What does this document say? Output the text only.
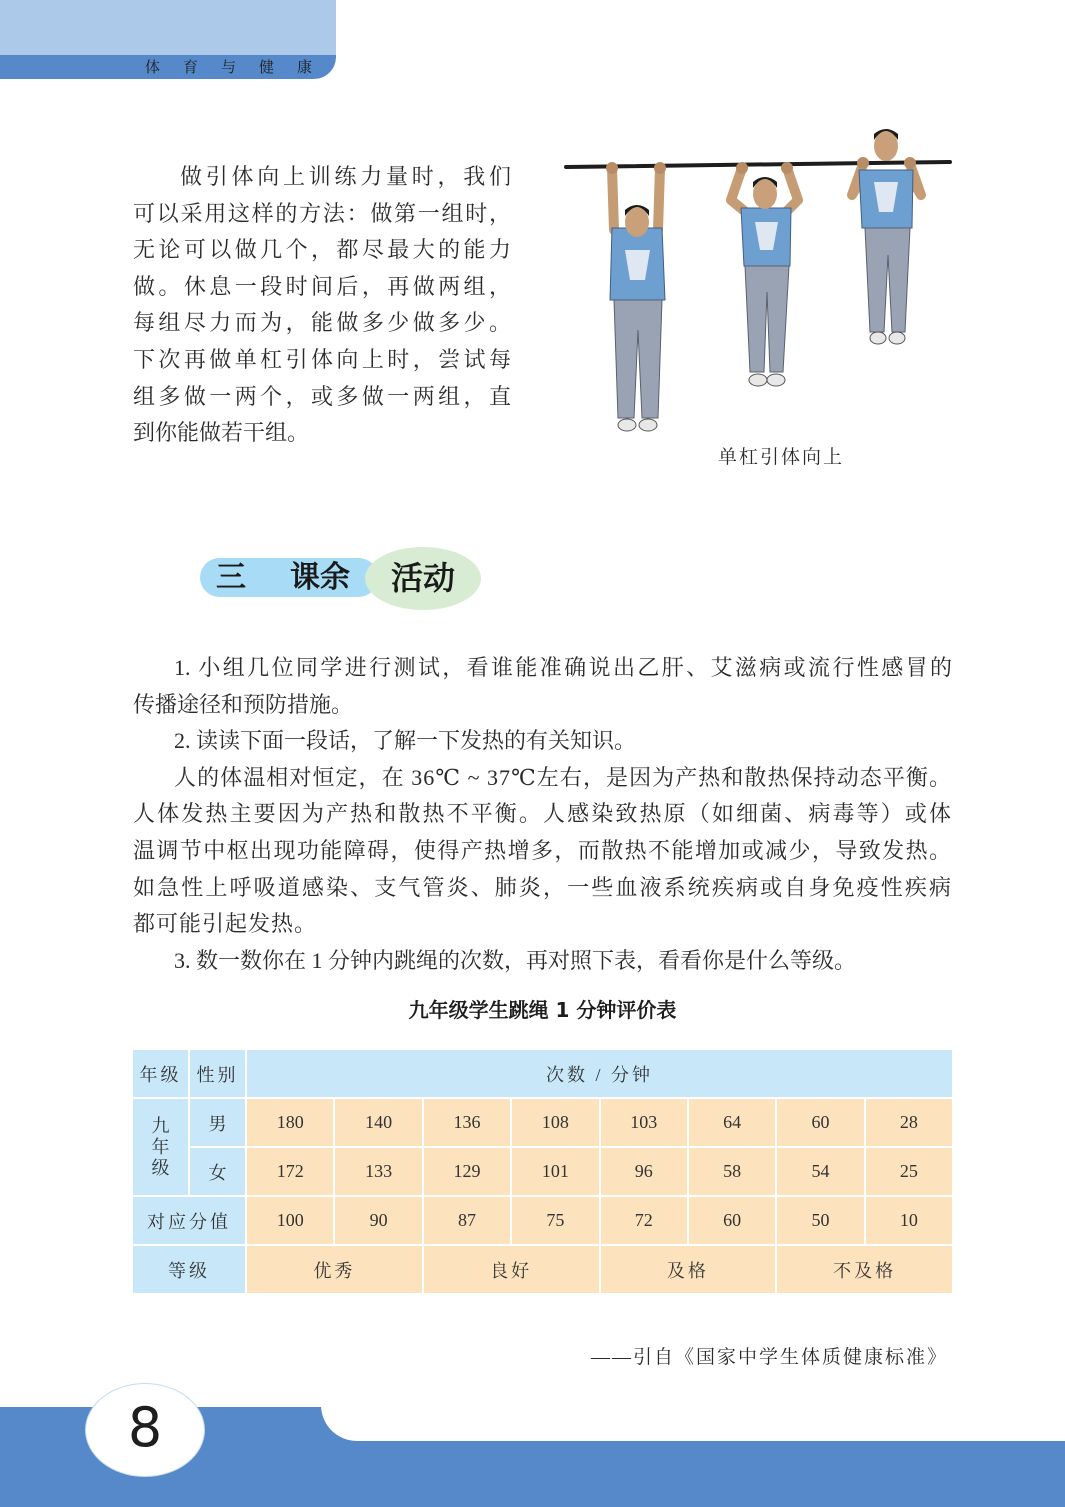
体育与健康
做引体向上训练力量时，我们
可以采用这样的方法：做第一组时，
无论可以做几个，都尽最大的能力
做。休息一段时间后，再做两组，
每组尽力而为，能做多少做多少。
下次再做单杠引体向上时，尝试每
组多做一两个，或多做一两组，直
到你能做若干组。
单杠引体向上
三 课余	活动
1. 小组几位同学进行测试，看谁能准确说出乙肝、艾滋病或流行性感冒的
传播途径和预防措施。
2. 读读下面一段话，了解一下发热的有关知识。
人的体温相对恒定，在 36℃ ~ 37℃左右，是因为产热和散热保持动态平衡。
人体发热主要因为产热和散热不平衡。人感染致热原（如细菌、病毒等）或体
温调节中枢出现功能障碍，使得产热增多，而散热不能增加或减少，导致发热。
如急性上呼吸道感染、支气管炎、肺炎，一些血液系统疾病或自身免疫性疾病
都可能引起发热。
3. 数一数你在 1 分钟内跳绳的次数，再对照下表，看看你是什么等级。
九年级学生跳绳 1 分钟评价表
年级	性别	次数 / 分钟							
九年级	男	180	140	136	108	103	64	60	28
	女	172	133	129	101	96	58	54	25
对应分值		100	90	87	75	72	60	50	10
等级		优秀		良好		及格		不及格	
——引自《国家中学生体质健康标准》
8
